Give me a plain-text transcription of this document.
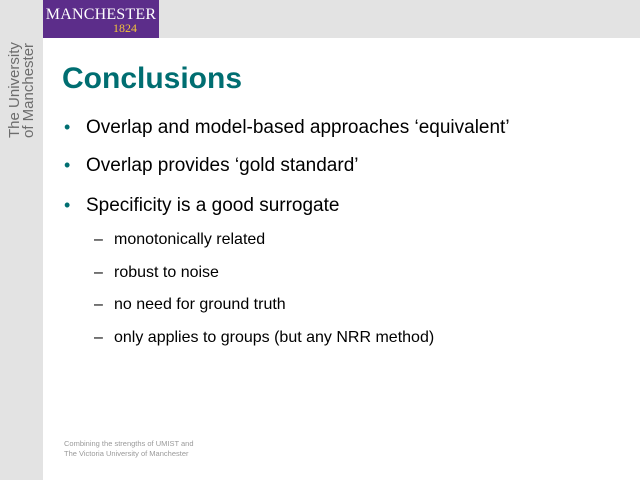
MANCHESTER
1824
The University
of Manchester Conclusions
• Overlap and model-based approaches ‘equivalent’
• Overlap provides ‘gold standard’
• Specificity is a good surrogate
– monotonically related
– robust to noise
– no need for ground truth
– only applies to groups (but any NRR method)
Combining the strengths of UMIST and
The Victoria University of Manchester
